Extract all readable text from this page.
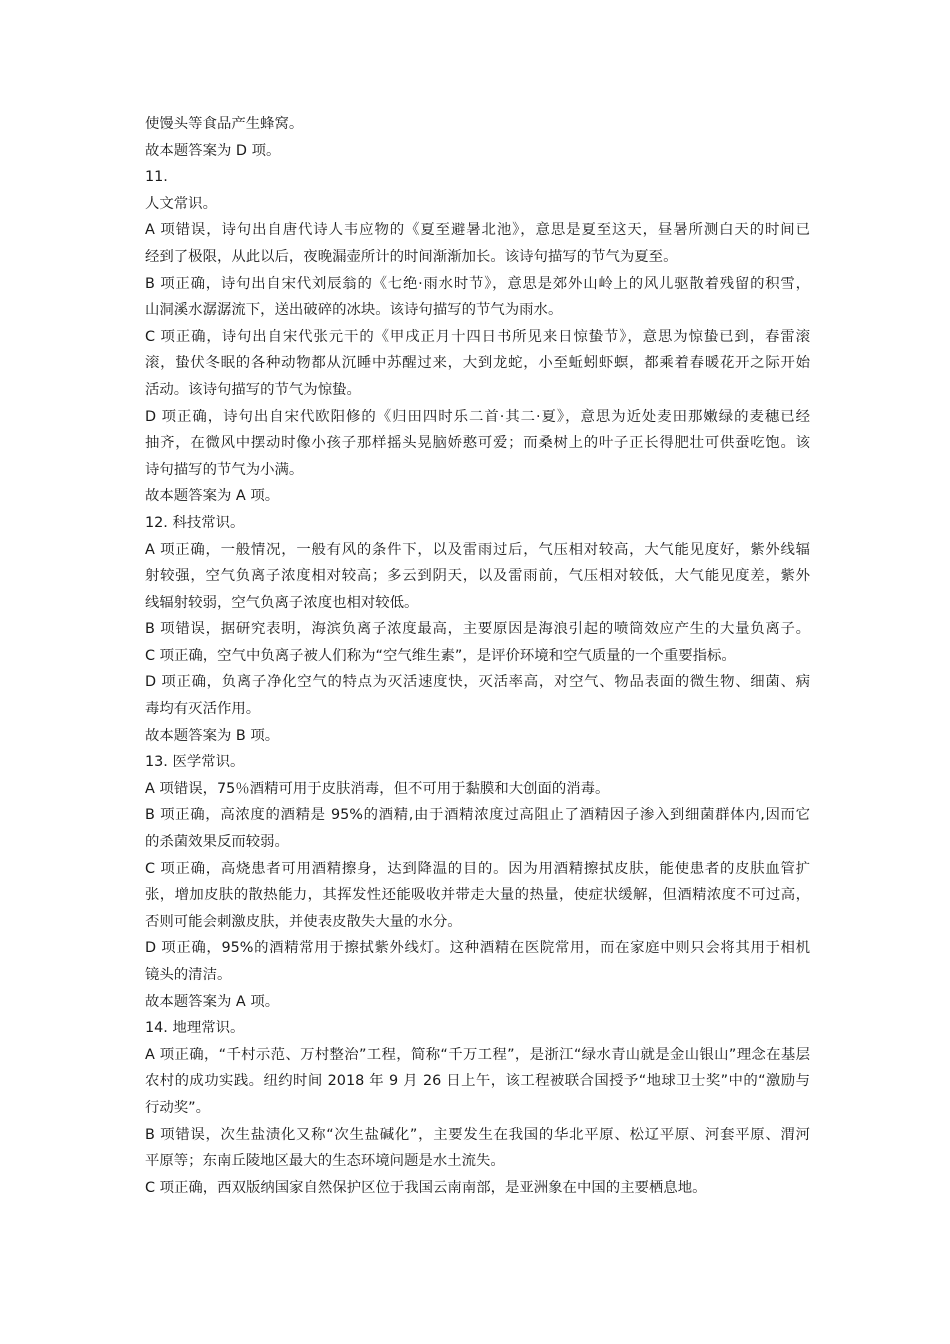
使馒头等食品产生蜂窝。
故本题答案为 D 项。
11.
人文常识。
A 项错误，诗句出自唐代诗人韦应物的《夏至避暑北池》，意思是夏至这天，昼暑所测白天的时间已
经到了极限，从此以后，夜晚漏壶所计的时间渐渐加长。该诗句描写的节气为夏至。
B 项正确，诗句出自宋代刘辰翁的《七绝·雨水时节》，意思是郊外山岭上的风儿驱散着残留的积雪，
山洞溪水潺潺流下，送出破碎的冰块。该诗句描写的节气为雨水。
C 项正确，诗句出自宋代张元干的《甲戌正月十四日书所见来日惊蛰节》，意思为惊蛰已到，春雷滚
滚，蛰伏冬眠的各种动物都从沉睡中苏醒过来，大到龙蛇，小至蚯蚓虾螟，都乘着春暖花开之际开始
活动。该诗句描写的节气为惊蛰。
D 项正确，诗句出自宋代欧阳修的《归田四时乐二首·其二·夏》，意思为近处麦田那嫩绿的麦穗已经
抽齐，在微风中摆动时像小孩子那样摇头晃脑娇憨可爱；而桑树上的叶子正长得肥壮可供蚕吃饱。该
诗句描写的节气为小满。
故本题答案为 A 项。
12. 科技常识。
A 项正确，一般情况，一般有风的条件下，以及雷雨过后，气压相对较高，大气能见度好，紫外线辐
射较强，空气负离子浓度相对较高；多云到阴天，以及雷雨前，气压相对较低，大气能见度差，紫外
线辐射较弱，空气负离子浓度也相对较低。
B 项错误，据研究表明，海滨负离子浓度最高，主要原因是海浪引起的喷筒效应产生的大量负离子。
C 项正确，空气中负离子被人们称为“空气维生素”，是评价环境和空气质量的一个重要指标。
D 项正确，负离子净化空气的特点为灭活速度快，灭活率高，对空气、物品表面的微生物、细菌、病
毒均有灭活作用。
故本题答案为 B 项。
13. 医学常识。
A 项错误，75％酒精可用于皮肤消毒，但不可用于黏膜和大创面的消毒。
B 项正确，高浓度的酒精是 95%的酒精,由于酒精浓度过高阻止了酒精因子渗入到细菌群体内,因而它
的杀菌效果反而较弱。
C 项正确，高烧患者可用酒精擦身，达到降温的目的。因为用酒精擦拭皮肤，能使患者的皮肤血管扩
张，增加皮肤的散热能力，其挥发性还能吸收并带走大量的热量，使症状缓解，但酒精浓度不可过高，
否则可能会刺激皮肤，并使表皮散失大量的水分。
D 项正确，95%的酒精常用于擦拭紫外线灯。这种酒精在医院常用，而在家庭中则只会将其用于相机
镜头的清洁。
故本题答案为 A 项。
14. 地理常识。
A 项正确，“千村示范、万村整治”工程，简称“千万工程”，是浙江“绿水青山就是金山银山”理念在基层
农村的成功实践。纽约时间 2018 年 9 月 26 日上午，该工程被联合国授予“地球卫士奖”中的“激励与
行动奖”。
B 项错误，次生盐渍化又称“次生盐碱化”，主要发生在我国的华北平原、松辽平原、河套平原、渭河
平原等；东南丘陵地区最大的生态环境问题是水土流失。
C 项正确，西双版纳国家自然保护区位于我国云南南部，是亚洲象在中国的主要栖息地。
